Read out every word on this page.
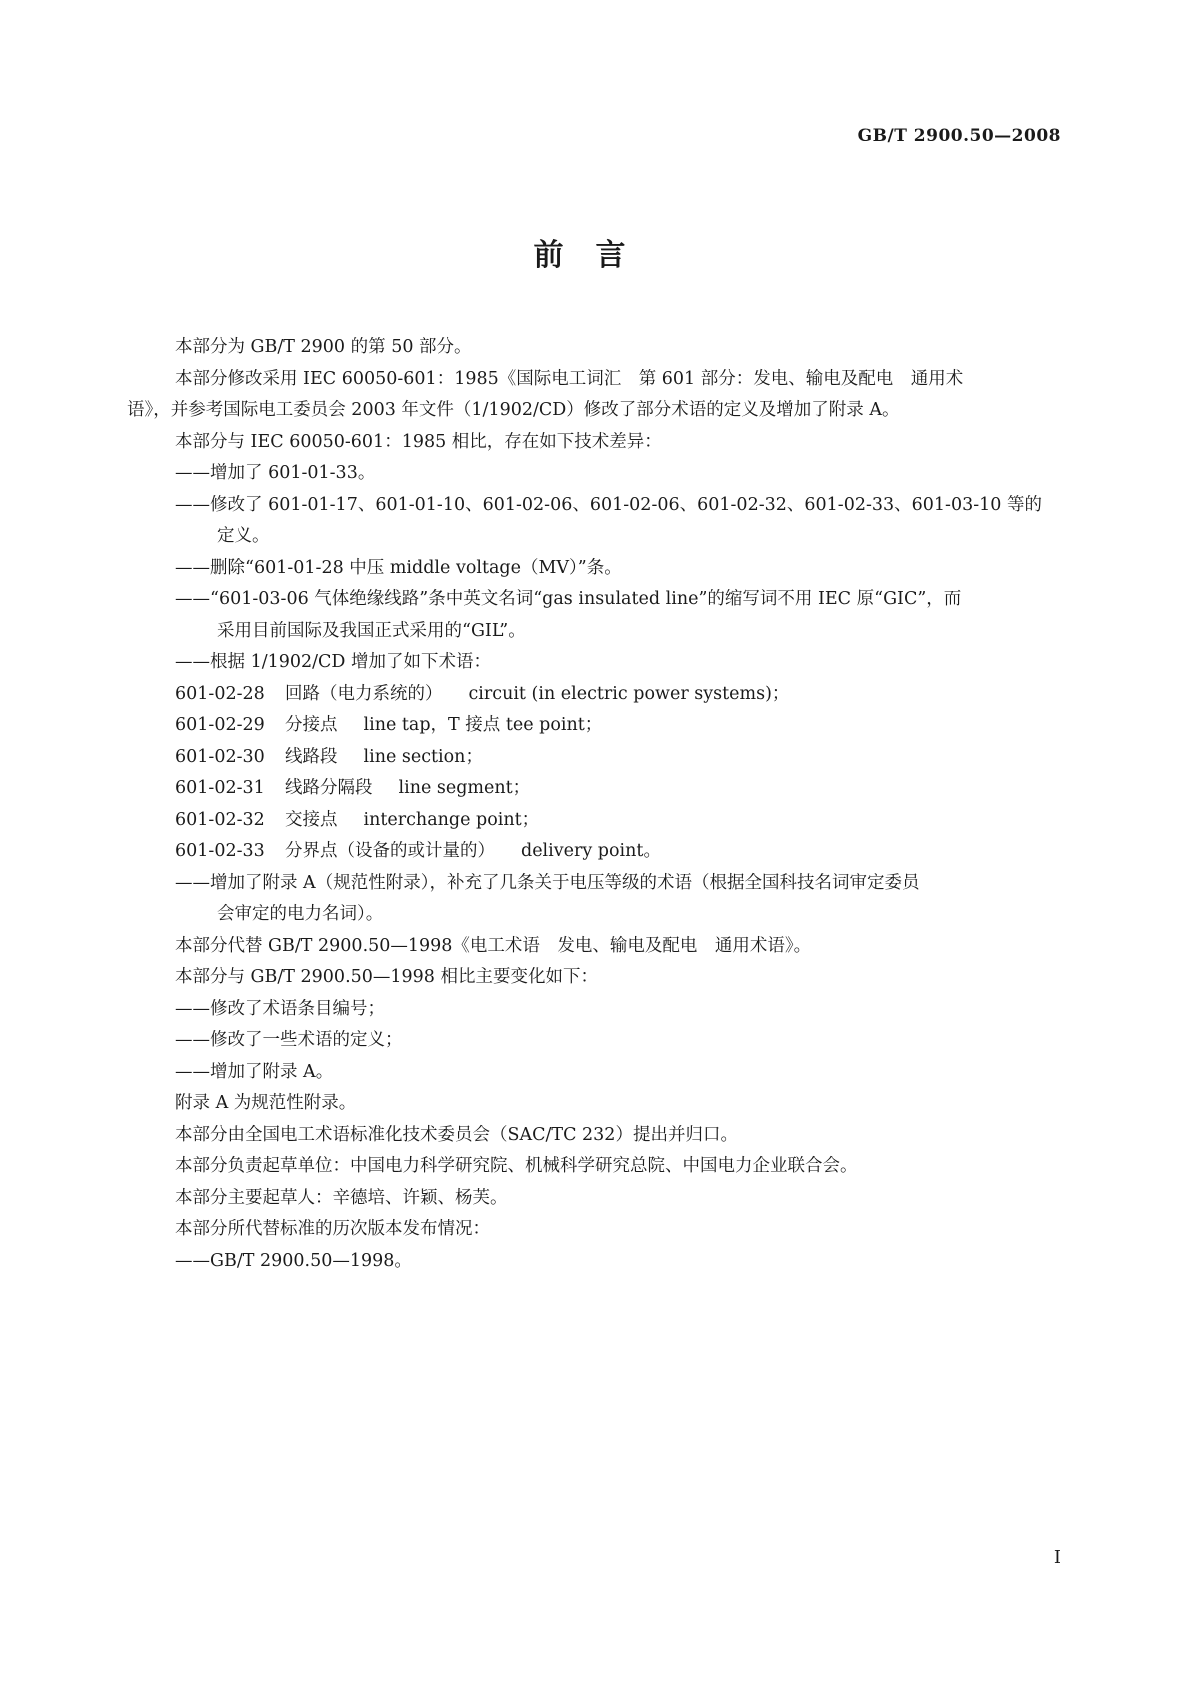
GB/T 2900.50—2008
前言
本部分为 GB/T 2900 的第 50 部分。
本部分修改采用 IEC 60050-601：1985《国际电工词汇　第 601 部分：发电、输电及配电　通用术
语》，并参考国际电工委员会 2003 年文件（1/1902/CD）修改了部分术语的定义及增加了附录 A。
本部分与 IEC 60050-601：1985 相比，存在如下技术差异：
——增加了 601-01-33。
——修改了 601-01-17、601-01-10、601-02-06、601-02-06、601-02-32、601-02-33、601-03-10 等的
定义。
——删除“601-01-28 中压 middle voltage（MV）”条。
——“601-03-06 气体绝缘线路”条中英文名词“gas insulated line”的缩写词不用 IEC 原“GIC”，而
采用目前国际及我国正式采用的“GIL”。
——根据 1/1902/CD 增加了如下术语：
601-02-28	回路（电力系统的） circuit (in electric power systems)；
601-02-29	分接点 line tap，T 接点 tee point；
601-02-30	线路段 line section；
601-02-31	线路分隔段 line segment；
601-02-32	交接点 interchange point；
601-02-33	分界点（设备的或计量的） delivery point。
——增加了附录 A（规范性附录），补充了几条关于电压等级的术语（根据全国科技名词审定委员
会审定的电力名词）。
本部分代替 GB/T 2900.50—1998《电工术语　发电、输电及配电　通用术语》。
本部分与 GB/T 2900.50—1998 相比主要变化如下：
——修改了术语条目编号；
——修改了一些术语的定义；
——增加了附录 A。
附录 A 为规范性附录。
本部分由全国电工术语标准化技术委员会（SAC/TC 232）提出并归口。
本部分负责起草单位：中国电力科学研究院、机械科学研究总院、中国电力企业联合会。
本部分主要起草人：辛德培、许颖、杨芙。
本部分所代替标准的历次版本发布情况：
——GB/T 2900.50—1998。
I
